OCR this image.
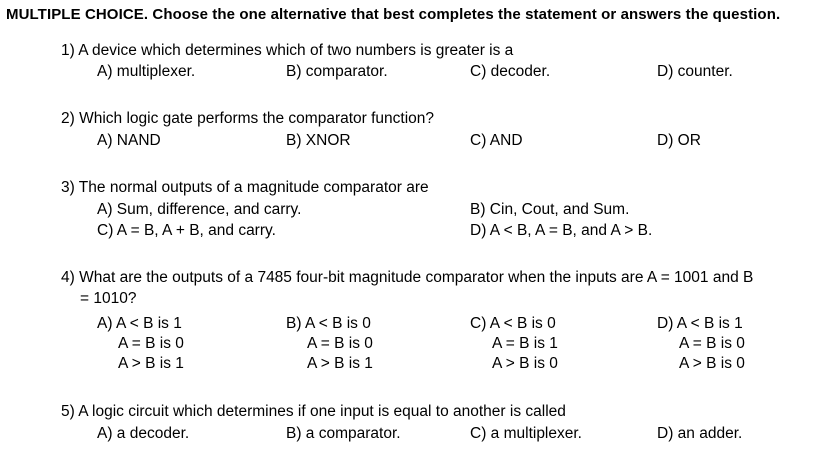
MULTIPLE CHOICE. Choose the one alternative that best completes the statement or answers the question.
1) A device which determines which of two numbers is greater is a
A) multiplexer.	B) comparator.	C) decoder.	D) counter.
2) Which logic gate performs the comparator function?
A) NAND	B) XNOR	C) AND	D) OR
3) The normal outputs of a magnitude comparator are
A) Sum, difference, and carry.	B) Cin, Cout, and Sum.
C) A = B, A + B, and carry.	D) A < B, A = B, and A > B.
4) What are the outputs of a 7485 four-bit magnitude comparator when the inputs are A = 1001 and B
= 1010?
A) A < B is 1
A = B is 0
A > B is 1
B) A < B is 0
A = B is 0
A > B is 1
C) A < B is 0
A = B is 1
A > B is 0
D) A < B is 1
A = B is 0
A > B is 0
5) A logic circuit which determines if one input is equal to another is called
A) a decoder.	B) a comparator.	C) a multiplexer.	D) an adder.
